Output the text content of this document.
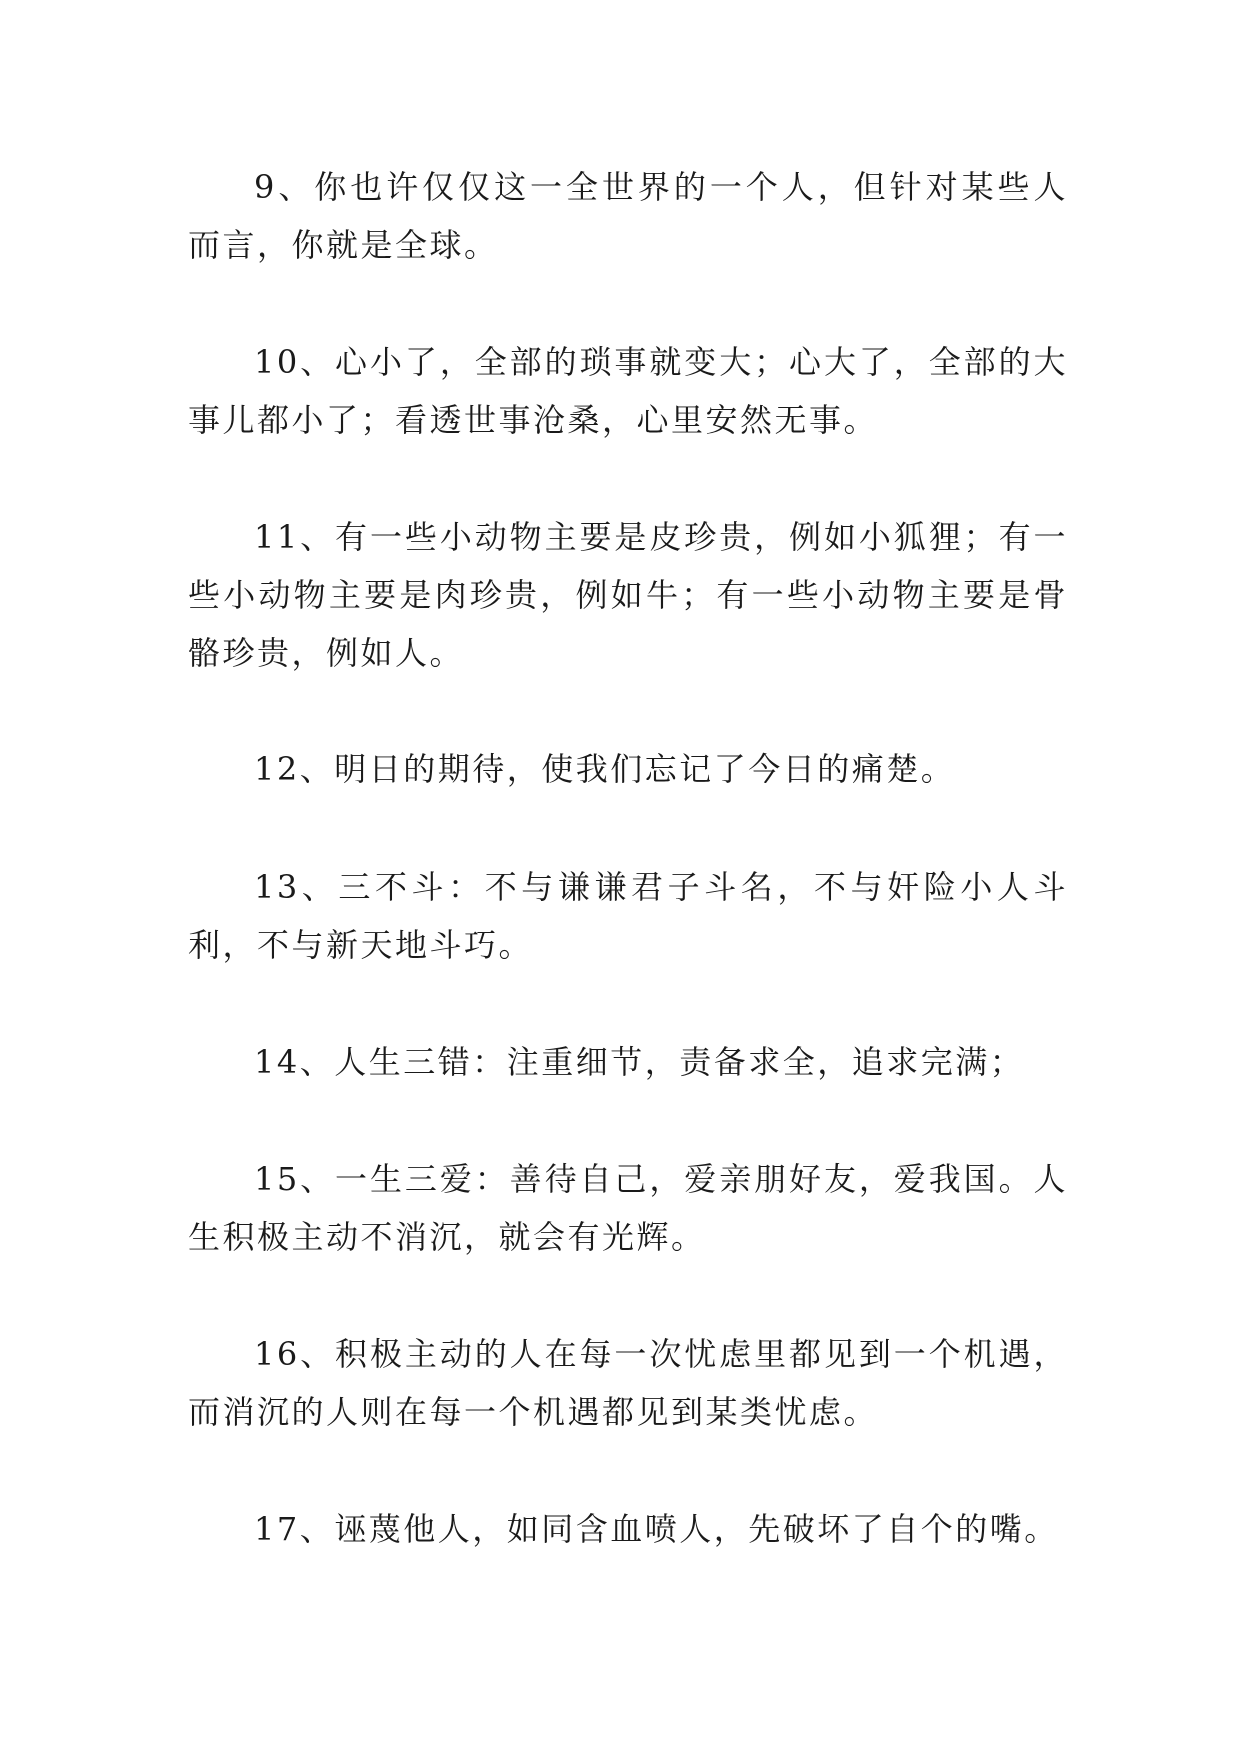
9、你也许仅仅这一全世界的一个人，但针对某些人而言，你就是全球。

10、心小了，全部的琐事就变大；心大了，全部的大事儿都小了；看透世事沧桑，心里安然无事。

11、有一些小动物主要是皮珍贵，例如小狐狸；有一些小动物主要是肉珍贵，例如牛；有一些小动物主要是骨骼珍贵，例如人。

12、明日的期待，使我们忘记了今日的痛楚。

13、三不斗：不与谦谦君子斗名，不与奸险小人斗利，不与新天地斗巧。

14、人生三错：注重细节，责备求全，追求完满；

15、一生三爱：善待自己，爱亲朋好友，爱我国。人生积极主动不消沉，就会有光辉。

16、积极主动的人在每一次忧虑里都见到一个机遇，而消沉的人则在每一个机遇都见到某类忧虑。

17、诬蔑他人，如同含血喷人，先破坏了自个的嘴。
